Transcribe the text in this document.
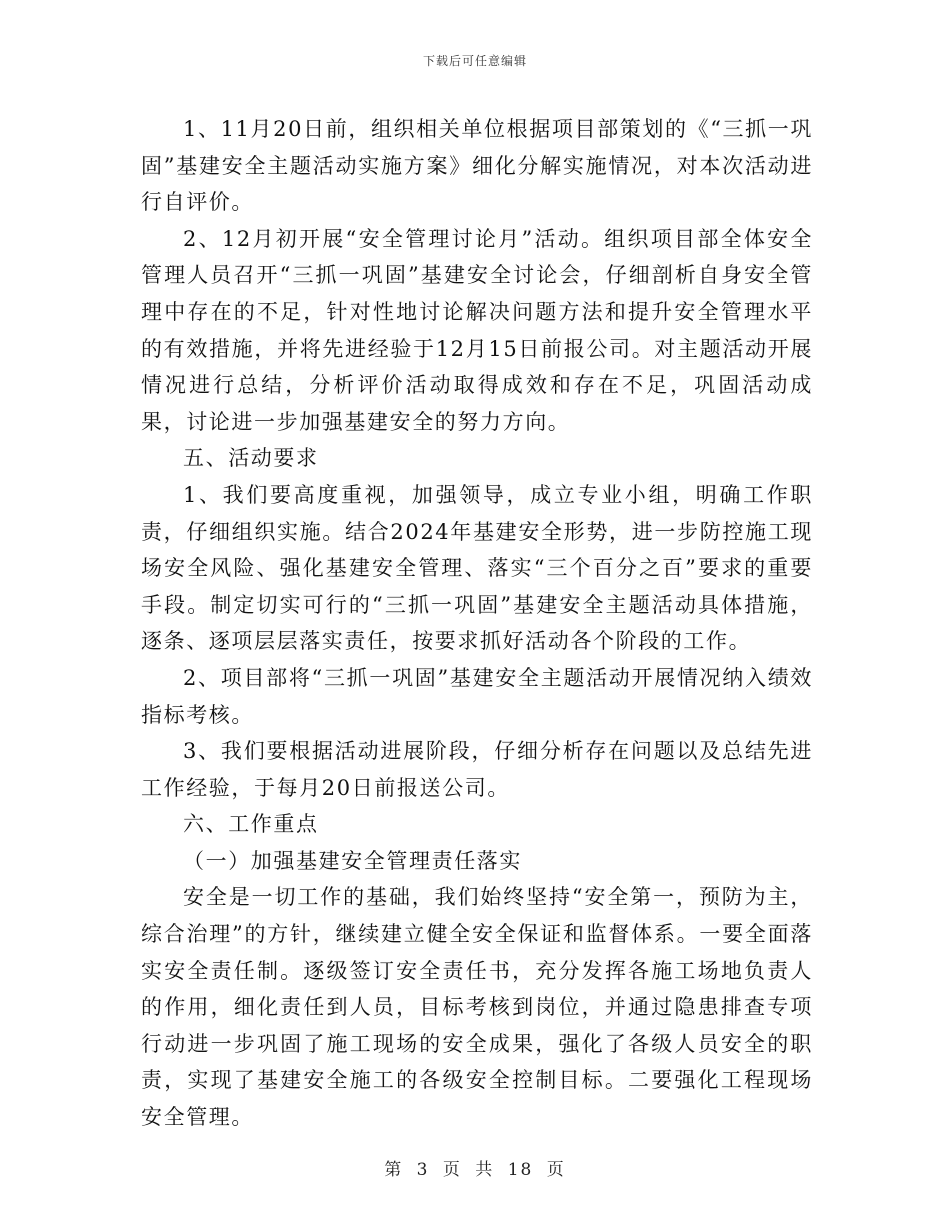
下载后可任意编辑

1、11月20日前，组织相关单位根据项目部策划的《“三抓一巩固”基建安全主题活动实施方案》细化分解实施情况，对本次活动进行自评价。

2、12月初开展“安全管理讨论月”活动。组织项目部全体安全管理人员召开“三抓一巩固”基建安全讨论会，仔细剖析自身安全管理中存在的不足，针对性地讨论解决问题方法和提升安全管理水平的有效措施，并将先进经验于12月15日前报公司。对主题活动开展情况进行总结，分析评价活动取得成效和存在不足，巩固活动成果，讨论进一步加强基建安全的努力方向。

五、活动要求

1、我们要高度重视，加强领导，成立专业小组，明确工作职责，仔细组织实施。结合2024年基建安全形势，进一步防控施工现场安全风险、强化基建安全管理、落实“三个百分之百”要求的重要手段。制定切实可行的“三抓一巩固”基建安全主题活动具体措施，逐条、逐项层层落实责任，按要求抓好活动各个阶段的工作。

2、项目部将“三抓一巩固”基建安全主题活动开展情况纳入绩效指标考核。

3、我们要根据活动进展阶段，仔细分析存在问题以及总结先进工作经验，于每月20日前报送公司。

六、工作重点

（一）加强基建安全管理责任落实

安全是一切工作的基础，我们始终坚持“安全第一，预防为主，综合治理”的方针，继续建立健全安全保证和监督体系。一要全面落实安全责任制。逐级签订安全责任书，充分发挥各施工场地负责人的作用，细化责任到人员，目标考核到岗位，并通过隐患排查专项行动进一步巩固了施工现场的安全成果，强化了各级人员安全的职责，实现了基建安全施工的各级安全控制目标。二要强化工程现场安全管理。

第 3 页 共 18 页
